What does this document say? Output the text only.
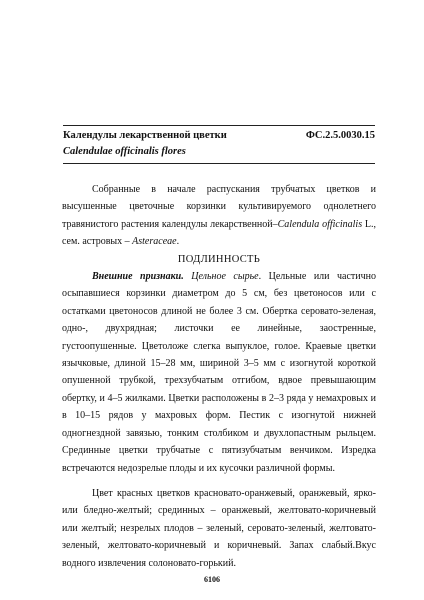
Календулы лекарственной цветки	ФС.2.5.0030.15
Calendulae officinalis flores

Собранные в начале распускания трубчатых цветков и высушенные цветочные корзинки культивируемого однолетнего травянистого растения календулы лекарственной–Calendula officinalis L., сем. астровых – Asteraceae.

ПОДЛИННОСТЬ

Внешние признаки. Цельное сырье. Цельные или частично осыпавшиеся корзинки диаметром до 5 см, без цветоносов или с остатками цветоносов длиной не более 3 см. Обертка серовато-зеленая, одно-, двухрядная; листочки ее линейные, заостренные, густоопушенные. Цветоложе слегка выпуклое, голое. Краевые цветки язычковые, длиной 15–28 мм, шириной 3–5 мм с изогнутой короткой опушенной трубкой, трехзубчатым отгибом, вдвое превышающим обертку, и 4–5 жилками. Цветки расположены в 2–3 ряда у немахровых и в 10–15 рядов у махровых форм. Пестик с изогнутой нижней одногнездной завязью, тонким столбиком и двухлопастным рыльцем. Срединные цветки трубчатые с пятизубчатым венчиком. Изредка встречаются недозрелые плоды и их кусочки различной формы.

Цвет красных цветков красновато-оранжевый, оранжевый, ярко- или бледно-желтый; срединных – оранжевый, желтовато-коричневый или желтый; незрелых плодов – зеленый, серовато-зеленый, желтовато-зеленый, желтовато-коричневый и коричневый. Запах слабый.Вкус водного извлечения солоновато-горький.

6106
